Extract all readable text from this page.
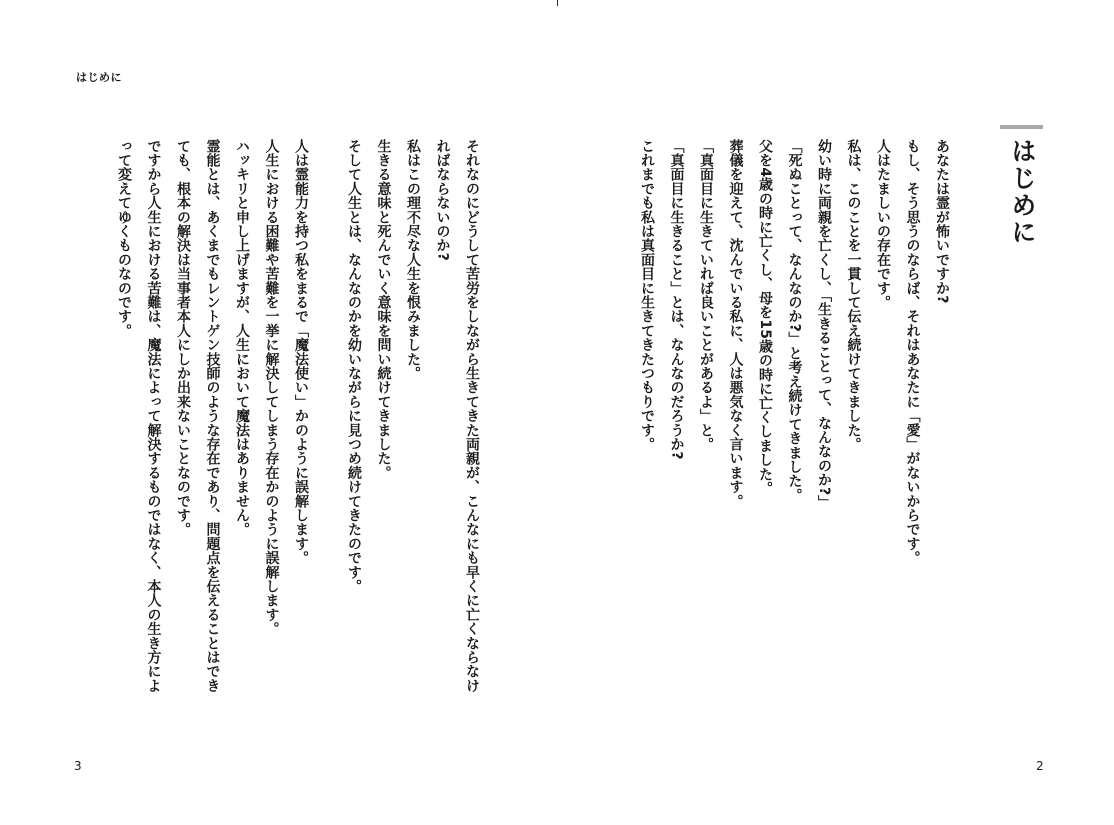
はじめに
はじめに
あなたは霊が怖いですか?
もし、そう思うのならば、それはあなたに「愛」がないからです。
人はたましいの存在です。
私は、このことを一貫して伝え続けてきました。
幼い時に両親を亡くし、「生きることって、なんなのか?」
「死ぬことって、なんなのか?」と考え続けてきました。
父を4歳の時に亡くし、母を15歳の時に亡くしました。
葬儀を迎えて、沈んでいる私に、人は悪気なく言います。
「真面目に生きていれば良いことがあるよ」と。
「真面目に生きること」とは、なんなのだろうか?
これまでも私は真面目に生きてきたつもりです。
それなのにどうして苦労をしながら生きてきた両親が、こんなにも早くに亡くならなけ
ればならないのか?
私はこの理不尽な人生を恨みました。
生きる意味と死んでいく意味を問い続けてきました。
そして人生とは、なんなのかを幼いながらに見つめ続けてきたのです。
人は霊能力を持つ私をまるで「魔法使い」かのように誤解します。
人生における困難や苦難を一挙に解決してしまう存在かのように誤解します。
ハッキリと申し上げますが、人生において魔法はありません。
霊能とは、あくまでもレントゲン技師のような存在であり、問題点を伝えることはでき
ても、根本の解決は当事者本人にしか出来ないことなのです。
ですから人生における苦難は、魔法によって解決するものではなく、本人の生き方によ
って変えてゆくものなのです。
3	2
